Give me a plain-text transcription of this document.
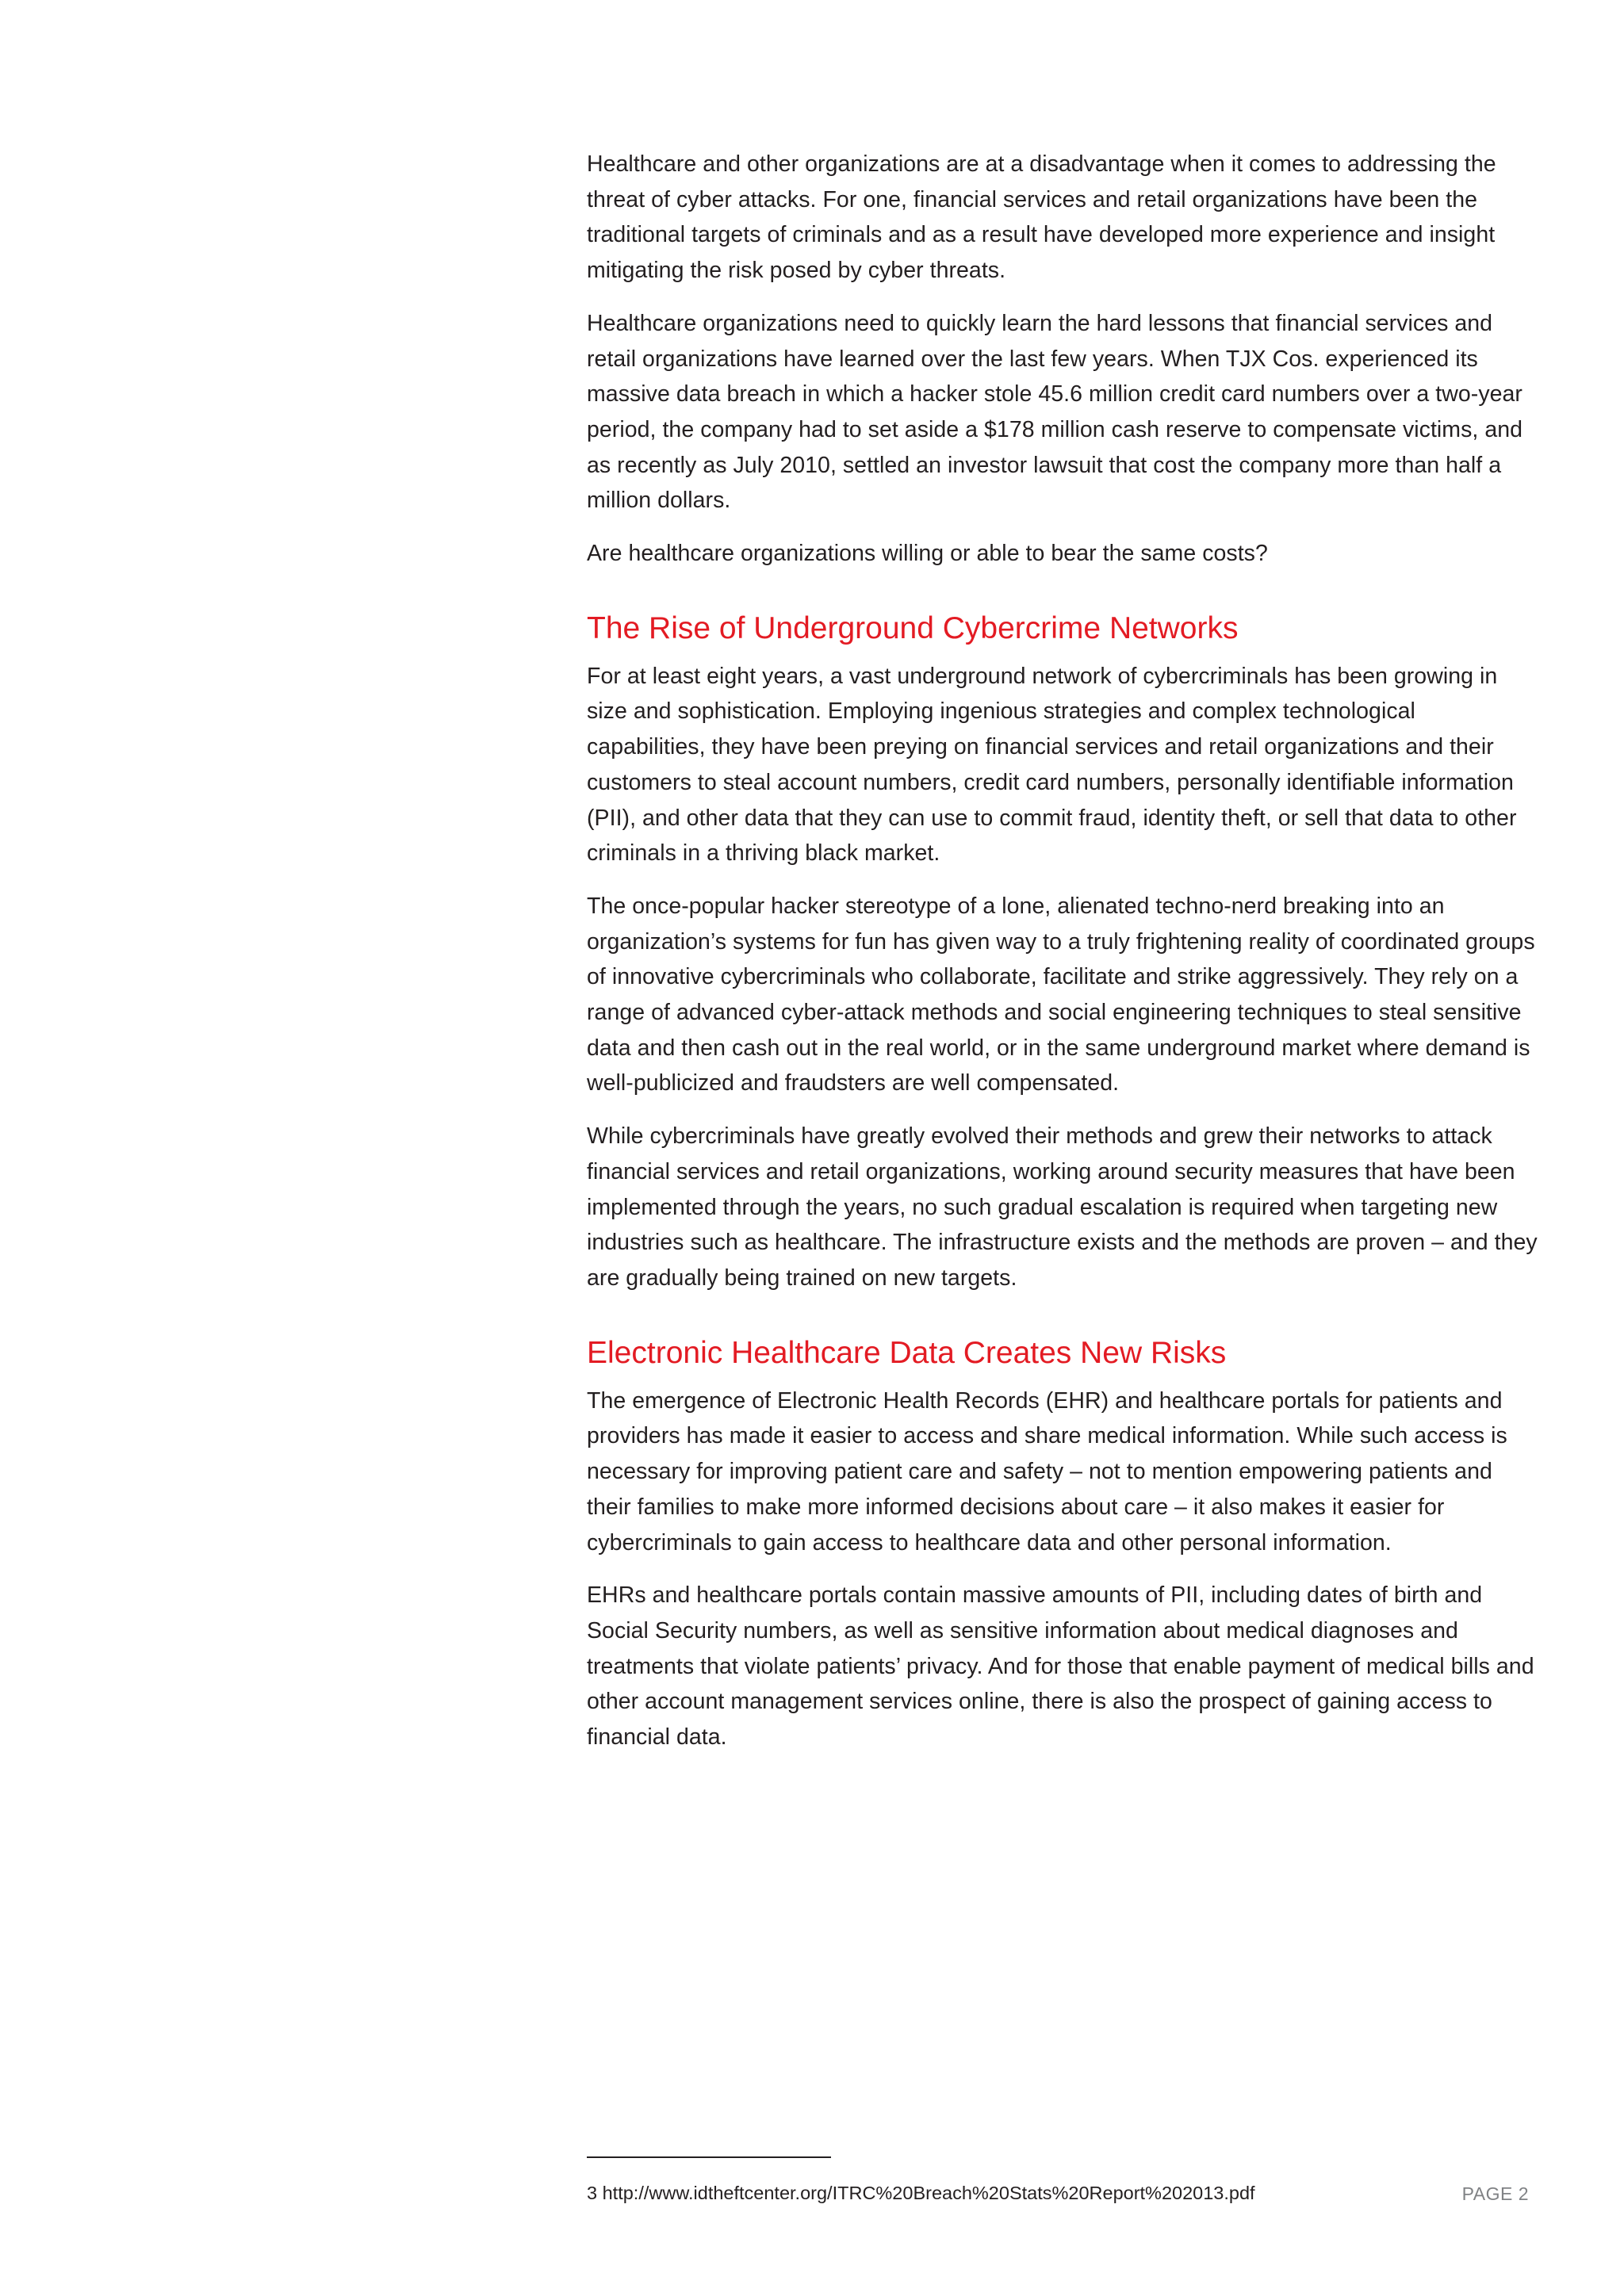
Healthcare and other organizations are at a disadvantage when it comes to addressing the threat of cyber attacks. For one, financial services and retail organizations have been the traditional targets of criminals and as a result have developed more experience and insight mitigating the risk posed by cyber threats.

Healthcare organizations need to quickly learn the hard lessons that financial services and retail organizations have learned over the last few years. When TJX Cos. experienced its massive data breach in which a hacker stole 45.6 million credit card numbers over a two-year period, the company had to set aside a $178 million cash reserve to compensate victims, and as recently as July 2010, settled an investor lawsuit that cost the company more than half a million dollars.

Are healthcare organizations willing or able to bear the same costs?

The Rise of Underground Cybercrime Networks

For at least eight years, a vast underground network of cybercriminals has been growing in size and sophistication. Employing ingenious strategies and complex technological capabilities, they have been preying on financial services and retail organizations and their customers to steal account numbers, credit card numbers, personally identifiable information (PII), and other data that they can use to commit fraud, identity theft, or sell that data to other criminals in a thriving black market.

The once-popular hacker stereotype of a lone, alienated techno-nerd breaking into an organization’s systems for fun has given way to a truly frightening reality of coordinated groups of innovative cybercriminals who collaborate, facilitate and strike aggressively. They rely on a range of advanced cyber-attack methods and social engineering techniques to steal sensitive data and then cash out in the real world, or in the same underground market where demand is well-publicized and fraudsters are well compensated.

While cybercriminals have greatly evolved their methods and grew their networks to attack financial services and retail organizations, working around security measures that have been implemented through the years, no such gradual escalation is required when targeting new industries such as healthcare. The infrastructure exists and the methods are proven – and they are gradually being trained on new targets.

Electronic Healthcare Data Creates New Risks

The emergence of Electronic Health Records (EHR) and healthcare portals for patients and providers has made it easier to access and share medical information. While such access is necessary for improving patient care and safety – not to mention empowering patients and their families to make more informed decisions about care – it also makes it easier for cybercriminals to gain access to healthcare data and other personal information.

EHRs and healthcare portals contain massive amounts of PII, including dates of birth and Social Security numbers, as well as sensitive information about medical diagnoses and treatments that violate patients’ privacy. And for those that enable payment of medical bills and other account management services online, there is also the prospect of gaining access to financial data.

3 http://www.idtheftcenter.org/ITRC%20Breach%20Stats%20Report%202013.pdf	PAGE 2
